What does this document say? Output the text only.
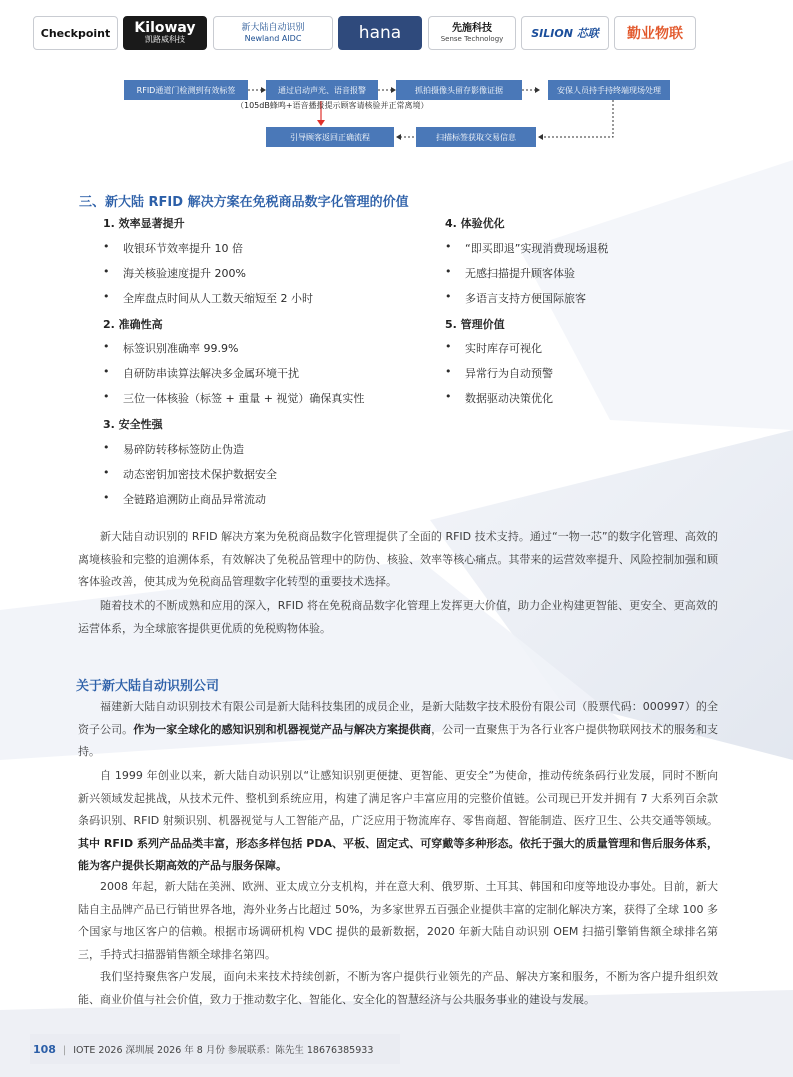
Checkpoint Kiloway
凯路威科技
新大陆自动识别
Newland AIDC	hana	先施科技
Sense Technology	SILION 芯联 勤业物联
RFID通道门检测到有效标签	通过启动声光、语音报警	抓拍摄像头留存影像证据	安保人员持手持终端现场处理
扫描标签获取交易信息
引导顾客返回正确流程
（105dB蜂鸣+语音播报提示顾客请核验并正常离境）
三、新大陆 RFID 解决方案在免税商品数字化管理的价值
1. 效率显著提升
• 收银环节效率提升 10 倍
• 海关核验速度提升 200%
• 全库盘点时间从人工数天缩短至 2 小时
2. 准确性高
• 标签识别准确率 99.9%
• 自研防串读算法解决多金属环境干扰
• 三位一体核验（标签 + 重量 + 视觉）确保真实性
3. 安全性强
• 易碎防转移标签防止伪造
• 动态密钥加密技术保护数据安全
• 全链路追溯防止商品异常流动
4. 体验优化
• “即买即退”实现消费现场退税
• 无感扫描提升顾客体验
• 多语言支持方便国际旅客
5. 管理价值
• 实时库存可视化
• 异常行为自动预警
• 数据驱动决策优化
新大陆自动识别的 RFID 解决方案为免税商品数字化管理提供了全面的 RFID 技术支持。通过“一物一芯”的数字化管理、高效的离境核验和完整的追溯体系，有效解决了免税品管理中的防伪、核验、效率等核心痛点。其带来的运营效率提升、风险控制加强和顾客体验改善，使其成为免税商品管理数字化转型的重要技术选择。
随着技术的不断成熟和应用的深入，RFID 将在免税商品数字化管理上发挥更大价值，助力企业构建更智能、更安全、更高效的运营体系，为全球旅客提供更优质的免税购物体验。
关于新大陆自动识别公司
福建新大陆自动识别技术有限公司是新大陆科技集团的成员企业，是新大陆数字技术股份有限公司（股票代码：000997）的全资子公司。作为一家全球化的感知识别和机器视觉产品与解决方案提供商，公司一直聚焦于为各行业客户提供物联网技术的服务和支持。
自 1999 年创业以来，新大陆自动识别以“让感知识别更便捷、更智能、更安全”为使命，推动传统条码行业发展，同时不断向新兴领域发起挑战，从技术元件、整机到系统应用，构建了满足客户丰富应用的完整价值链。公司现已开发并拥有 7 大系列百余款条码识别、RFID 射频识别、机器视觉与人工智能产品，广泛应用于物流库存、零售商超、智能制造、医疗卫生、公共交通等领域。其中 RFID 系列产品品类丰富，形态多样包括 PDA、平板、固定式、可穿戴等多种形态。依托于强大的质量管理和售后服务体系，能为客户提供长期高效的产品与服务保障。
2008 年起，新大陆在美洲、欧洲、亚太成立分支机构，并在意大利、俄罗斯、土耳其、韩国和印度等地设办事处。目前，新大陆自主品牌产品已行销世界各地，海外业务占比超过 50%，为多家世界五百强企业提供丰富的定制化解决方案，获得了全球 100 多个国家与地区客户的信赖。根据市场调研机构 VDC 提供的最新数据，2020 年新大陆自动识别 OEM 扫描引擎销售额全球排名第三，手持式扫描器销售额全球排名第四。
我们坚持聚焦客户发展，面向未来技术持续创新，不断为客户提供行业领先的产品、解决方案和服务，不断为客户提升组织效能、商业价值与社会价值，致力于推动数字化、智能化、安全化的智慧经济与公共服务事业的建设与发展。
108 | IOTE 2026 深圳展 2026 年 8 月份 参展联系：陈先生 18676385933
